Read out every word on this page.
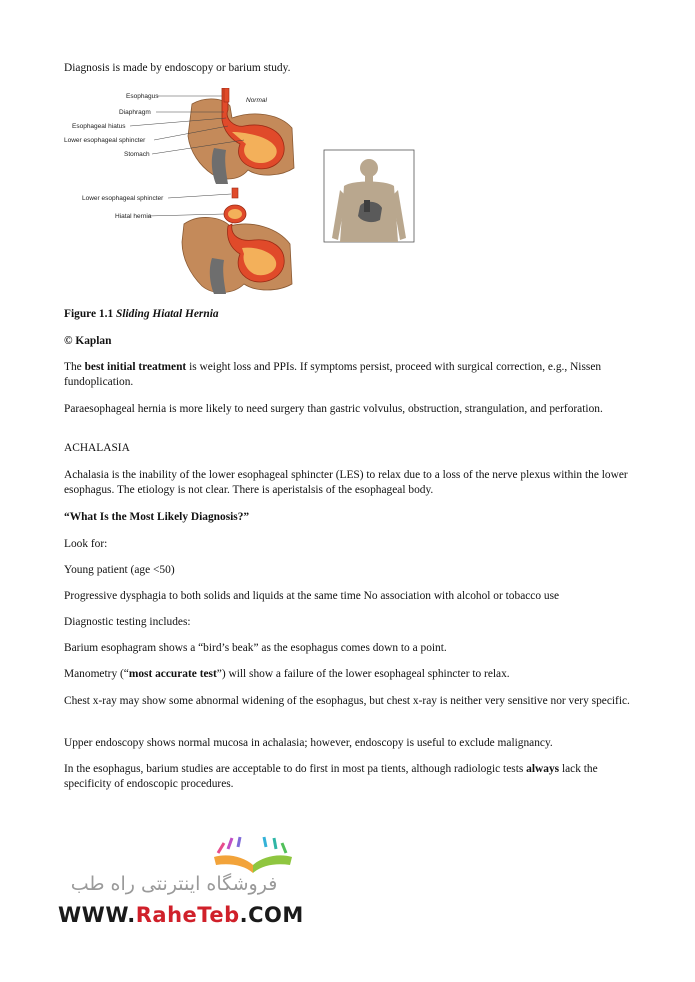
Diagnosis is made by endoscopy or barium study.

Esophagus
Diaphragm
Esophageal hiatus
Lower esophageal sphincter
Stomach
Normal
Lower esophageal sphincter
Hiatal hernia

Figure 1.1 Sliding Hiatal Hernia

© Kaplan

The best initial treatment is weight loss and PPIs. If symptoms persist, proceed with surgical correction, e.g., Nissen fundoplication.

Paraesophageal hernia is more likely to need surgery than gastric volvulus, obstruction, strangulation, and perforation.

ACHALASIA

Achalasia is the inability of the lower esophageal sphincter (LES) to relax due to a loss of the nerve plexus within the lower esophagus. The etiology is not clear. There is aperistalsis of the esophageal body.

“What Is the Most Likely Diagnosis?”

Look for:

Young patient (age <50)

Progressive dysphagia to both solids and liquids at the same time No association with alcohol or tobacco use

Diagnostic testing includes:

Barium esophagram shows a “bird’s beak” as the esophagus comes down to a point.

Manometry (“most accurate test”) will show a failure of the lower esophageal sphincter to relax.

Chest x-ray may show some abnormal widening of the esophagus, but chest x-ray is neither very sensitive nor very specific.

Upper endoscopy shows normal mucosa in achalasia; however, endoscopy is useful to exclude malignancy.

In the esophagus, barium studies are acceptable to do first in most pa tients, although radiologic tests always lack the specificity of endoscopic procedures.

فروشگاه اینترنتی راه طب
WWW.RaheTeb.COM
